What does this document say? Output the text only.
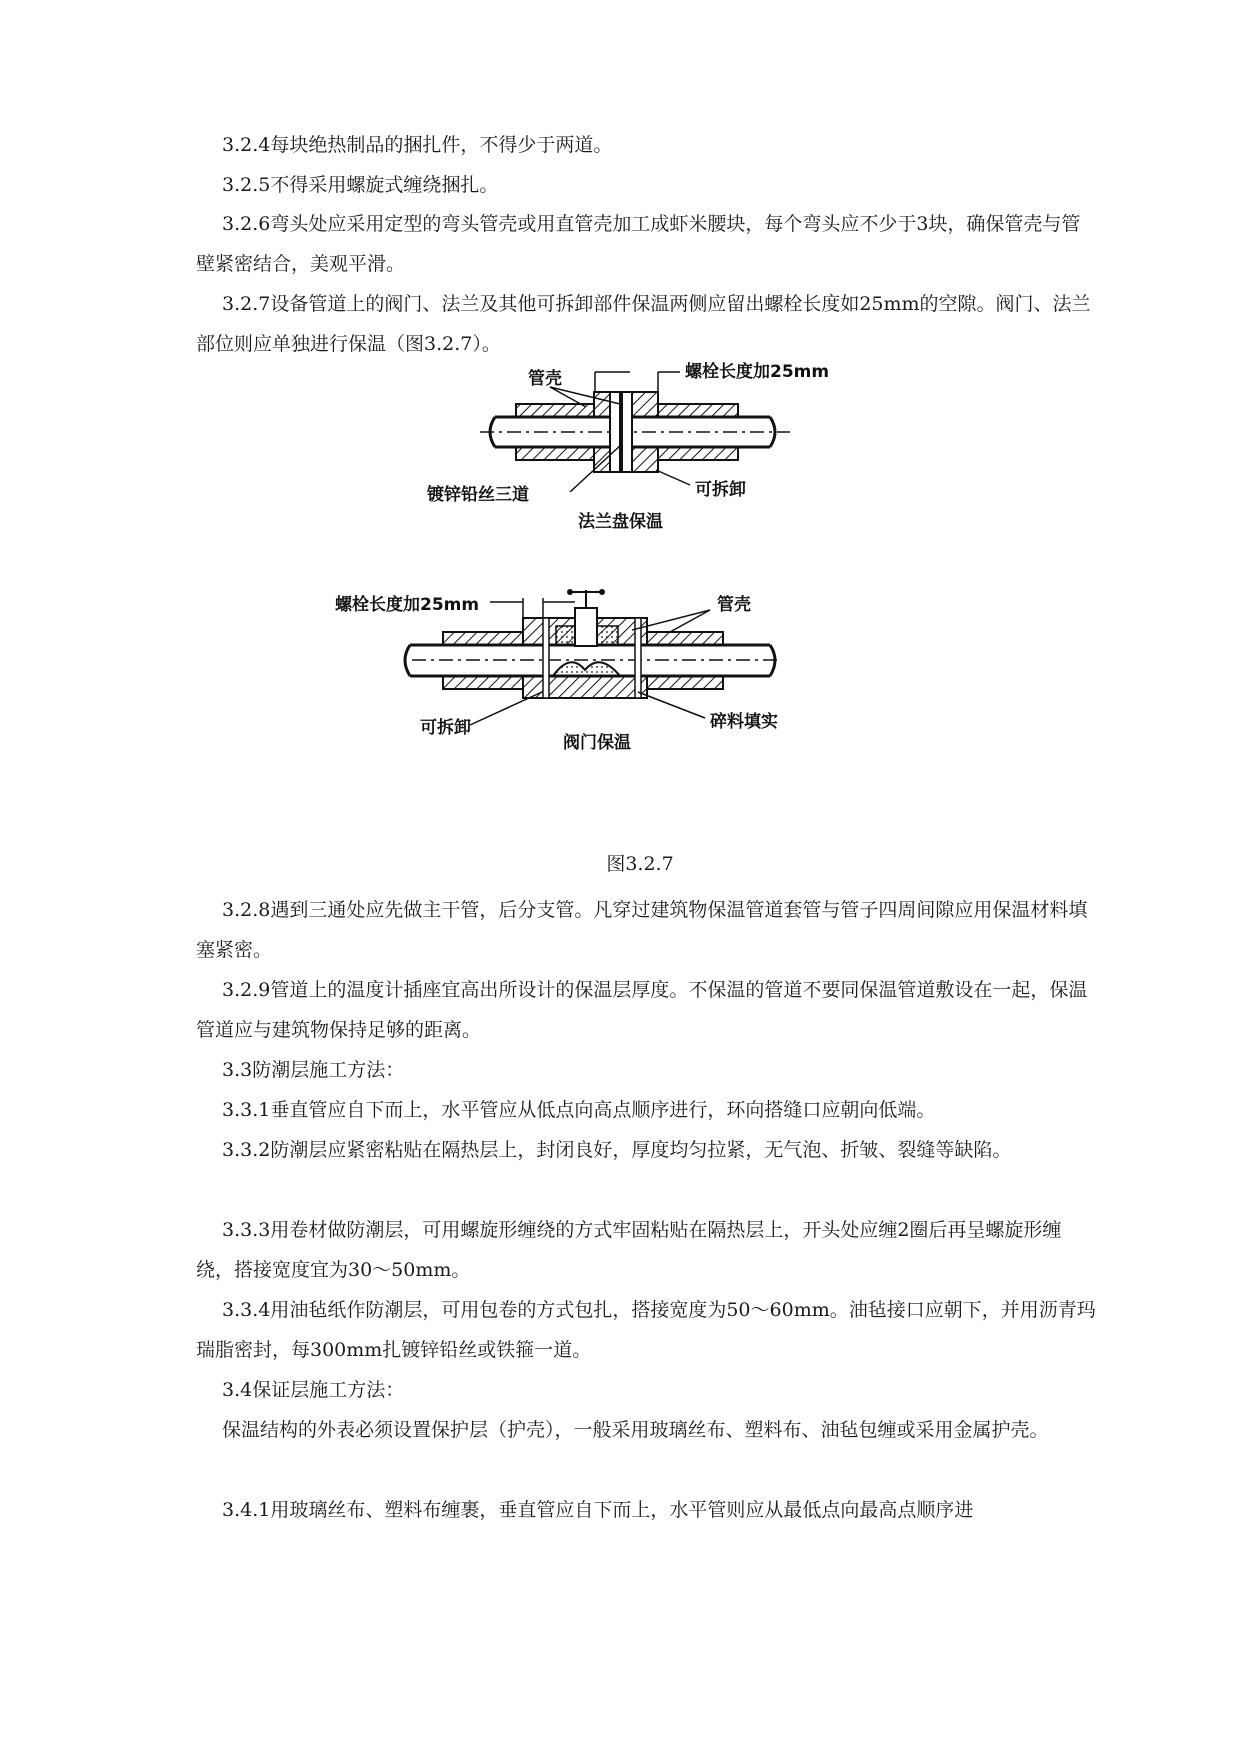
3.2.4每块绝热制品的捆扎件，不得少于两道。

3.2.5不得采用螺旋式缠绕捆扎。

3.2.6弯头处应采用定型的弯头管壳或用直管壳加工成虾米腰块，每个弯头应不少于3块，确保管壳与管壁紧密结合，美观平滑。

3.2.7设备管道上的阀门、法兰及其他可拆卸部件保温两侧应留出螺栓长度如25mm的空隙。阀门、法兰部位则应单独进行保温（图3.2.7）。

管壳	螺栓长度加25mm
镀锌铅丝三道	可拆卸
法兰盘保温
螺栓长度加25mm	管壳
可拆卸	碎料填实
阀门保温
图3.2.7

3.2.8遇到三通处应先做主干管，后分支管。凡穿过建筑物保温管道套管与管子四周间隙应用保温材料填塞紧密。

3.2.9管道上的温度计插座宜高出所设计的保温层厚度。不保温的管道不要同保温管道敷设在一起，保温管道应与建筑物保持足够的距离。

3.3防潮层施工方法：

3.3.1垂直管应自下而上，水平管应从低点向高点顺序进行，环向搭缝口应朝向低端。

3.3.2防潮层应紧密粘贴在隔热层上，封闭良好，厚度均匀拉紧，无气泡、折皱、裂缝等缺陷。

3.3.3用卷材做防潮层，可用螺旋形缠绕的方式牢固粘贴在隔热层上，开头处应缠2圈后再呈螺旋形缠绕，搭接宽度宜为30～50mm。

3.3.4用油毡纸作防潮层，可用包卷的方式包扎，搭接宽度为50～60mm。油毡接口应朝下，并用沥青玛瑞脂密封，每300mm扎镀锌铅丝或铁箍一道。

3.4保证层施工方法：

保温结构的外表必须设置保护层（护壳），一般采用玻璃丝布、塑料布、油毡包缠或采用金属护壳。

3.4.1用玻璃丝布、塑料布缠裹，垂直管应自下而上，水平管则应从最低点向最高点顺序进
